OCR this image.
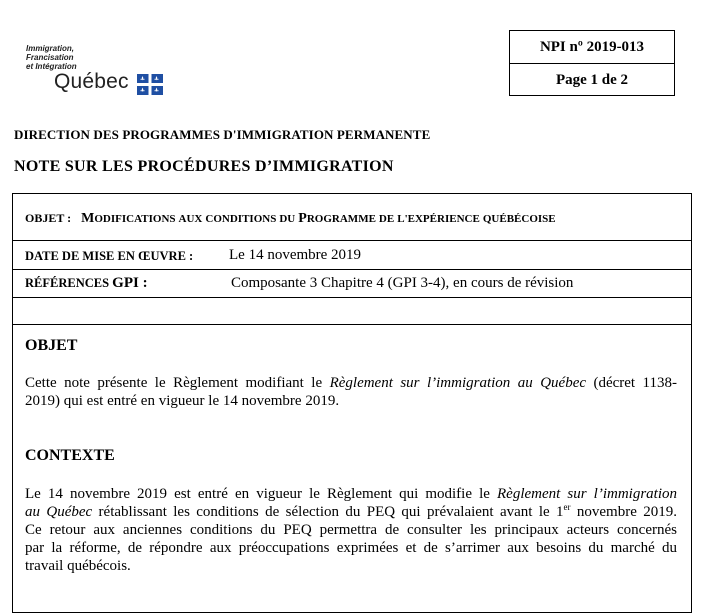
Immigration,
Francisation
et Intégration
Québec
NPI nº 2019-013
Page 1 de 2
DIRECTION DES PROGRAMMES D'IMMIGRATION PERMANENTE
NOTE SUR LES PROCÉDURES D’IMMIGRATION
OBJET : MODIFICATIONS AUX CONDITIONS DU PROGRAMME DE L'EXPÉRIENCE QUÉBÉCOISE
DATE DE MISE EN ŒUVRE : Le 14 novembre 2019
RÉFÉRENCES GPI :	Composante 3 Chapitre 4 (GPI 3-4), en cours de révision
OBJET
Cette note présente le Règlement modifiant le Règlement sur l’immigration au Québec (décret 1138-
2019) qui est entré en vigueur le 14 novembre 2019.
CONTEXTE
Le 14 novembre 2019 est entré en vigueur le Règlement qui modifie le Règlement sur l’immigration
au Québec rétablissant les conditions de sélection du PEQ qui prévalaient avant le 1er novembre 2019.
Ce retour aux anciennes conditions du PEQ permettra de consulter les principaux acteurs concernés
par la réforme, de répondre aux préoccupations exprimées et de s’arrimer aux besoins du marché du
travail québécois.
